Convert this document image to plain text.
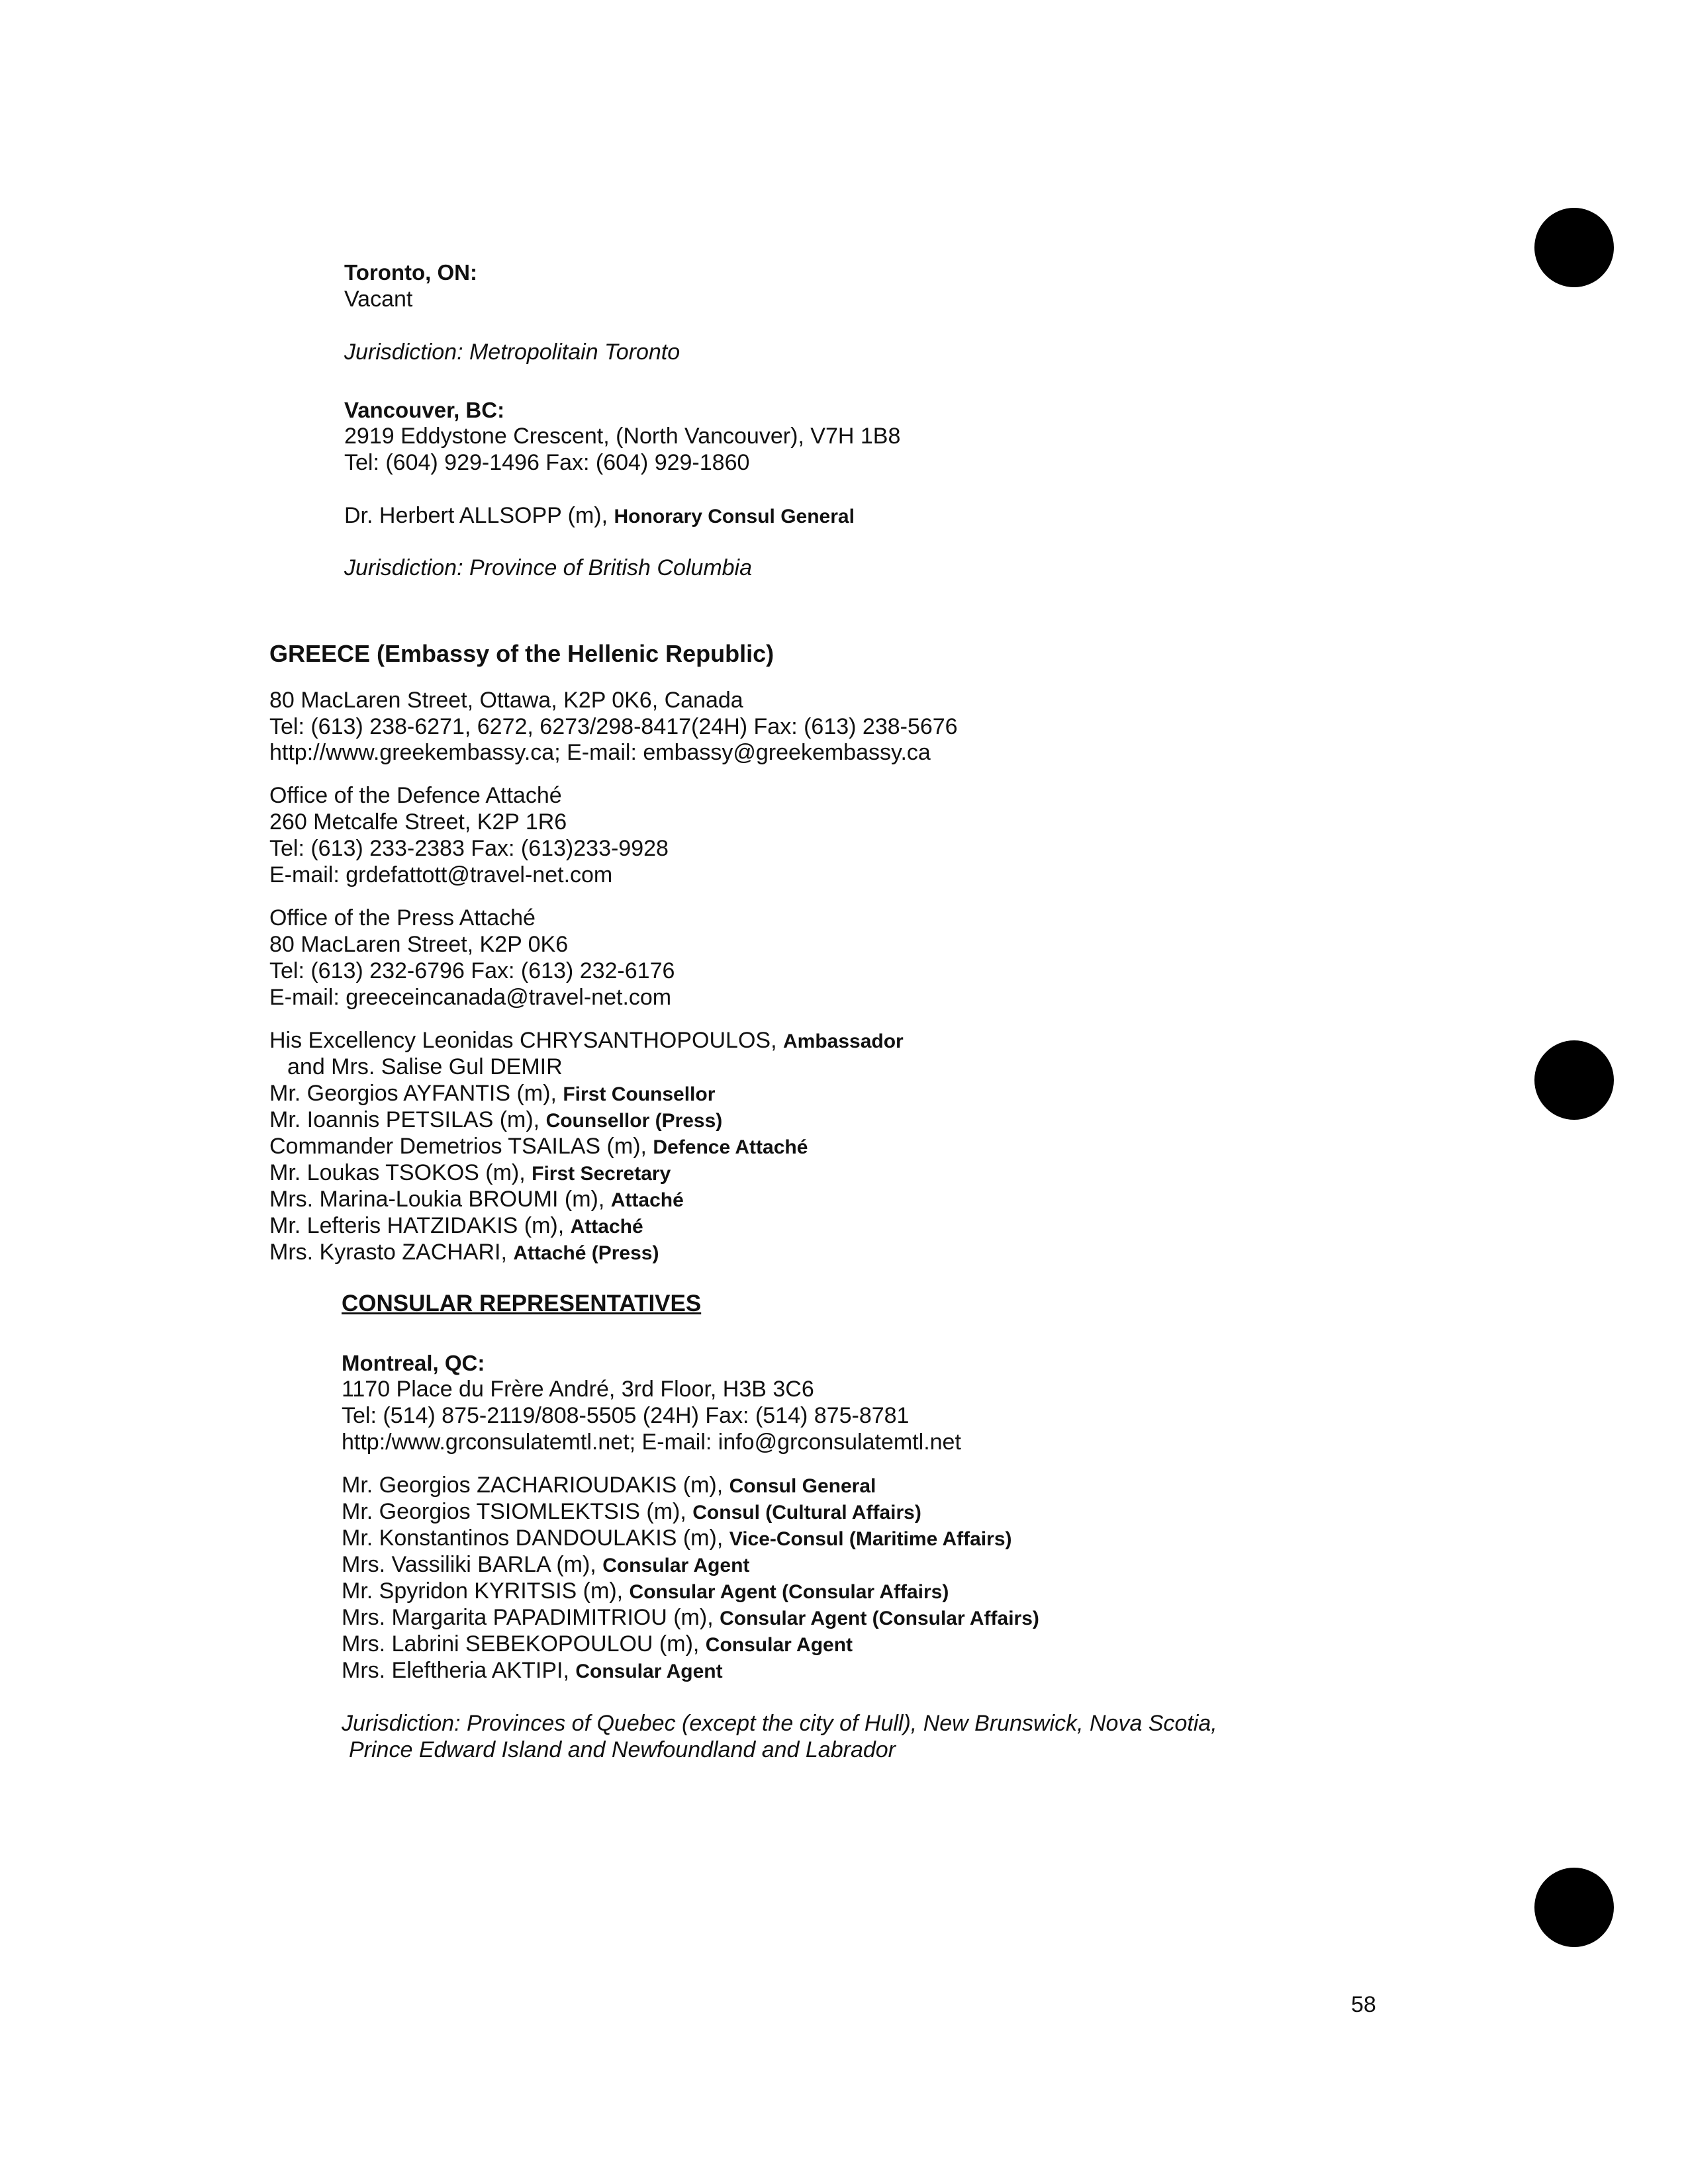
Toronto, ON:
Vacant
Jurisdiction: Metropolitain Toronto
Vancouver, BC:
2919 Eddystone Crescent, (North Vancouver), V7H 1B8
Tel: (604) 929-1496 Fax: (604) 929-1860
Dr. Herbert ALLSOPP (m), Honorary Consul General
Jurisdiction: Province of British Columbia
GREECE (Embassy of the Hellenic Republic)
80 MacLaren Street, Ottawa, K2P 0K6, Canada
Tel: (613) 238-6271, 6272, 6273/298-8417(24H) Fax: (613) 238-5676
http://www.greekembassy.ca; E-mail: embassy@greekembassy.ca
Office of the Defence Attaché
260 Metcalfe Street, K2P 1R6
Tel: (613) 233-2383 Fax: (613)233-9928
E-mail: grdefattott@travel-net.com
Office of the Press Attaché
80 MacLaren Street, K2P 0K6
Tel: (613) 232-6796 Fax: (613) 232-6176
E-mail: greeceincanada@travel-net.com
His Excellency Leonidas CHRYSANTHOPOULOS, Ambassador
and Mrs. Salise Gul DEMIR
Mr. Georgios AYFANTIS (m), First Counsellor
Mr. Ioannis PETSILAS (m), Counsellor (Press)
Commander Demetrios TSAILAS (m), Defence Attaché
Mr. Loukas TSOKOS (m), First Secretary
Mrs. Marina-Loukia BROUMI (m), Attaché
Mr. Lefteris HATZIDAKIS (m), Attaché
Mrs. Kyrasto ZACHARI, Attaché (Press)
CONSULAR REPRESENTATIVES
Montreal, QC:
1170 Place du Frère André, 3rd Floor, H3B 3C6
Tel: (514) 875-2119/808-5505 (24H) Fax: (514) 875-8781
http:/www.grconsulatemtl.net; E-mail: info@grconsulatemtl.net
Mr. Georgios ZACHARIOUDAKIS (m), Consul General
Mr. Georgios TSIOMLEKTSIS (m), Consul (Cultural Affairs)
Mr. Konstantinos DANDOULAKIS (m), Vice-Consul (Maritime Affairs)
Mrs. Vassiliki BARLA (m), Consular Agent
Mr. Spyridon KYRITSIS (m), Consular Agent (Consular Affairs)
Mrs. Margarita PAPADIMITRIOU (m), Consular Agent (Consular Affairs)
Mrs. Labrini SEBEKOPOULOU (m), Consular Agent
Mrs. Eleftheria AKTIPI, Consular Agent
Jurisdiction: Provinces of Quebec (except the city of Hull), New Brunswick, Nova Scotia,
Prince Edward Island and Newfoundland and Labrador
58
